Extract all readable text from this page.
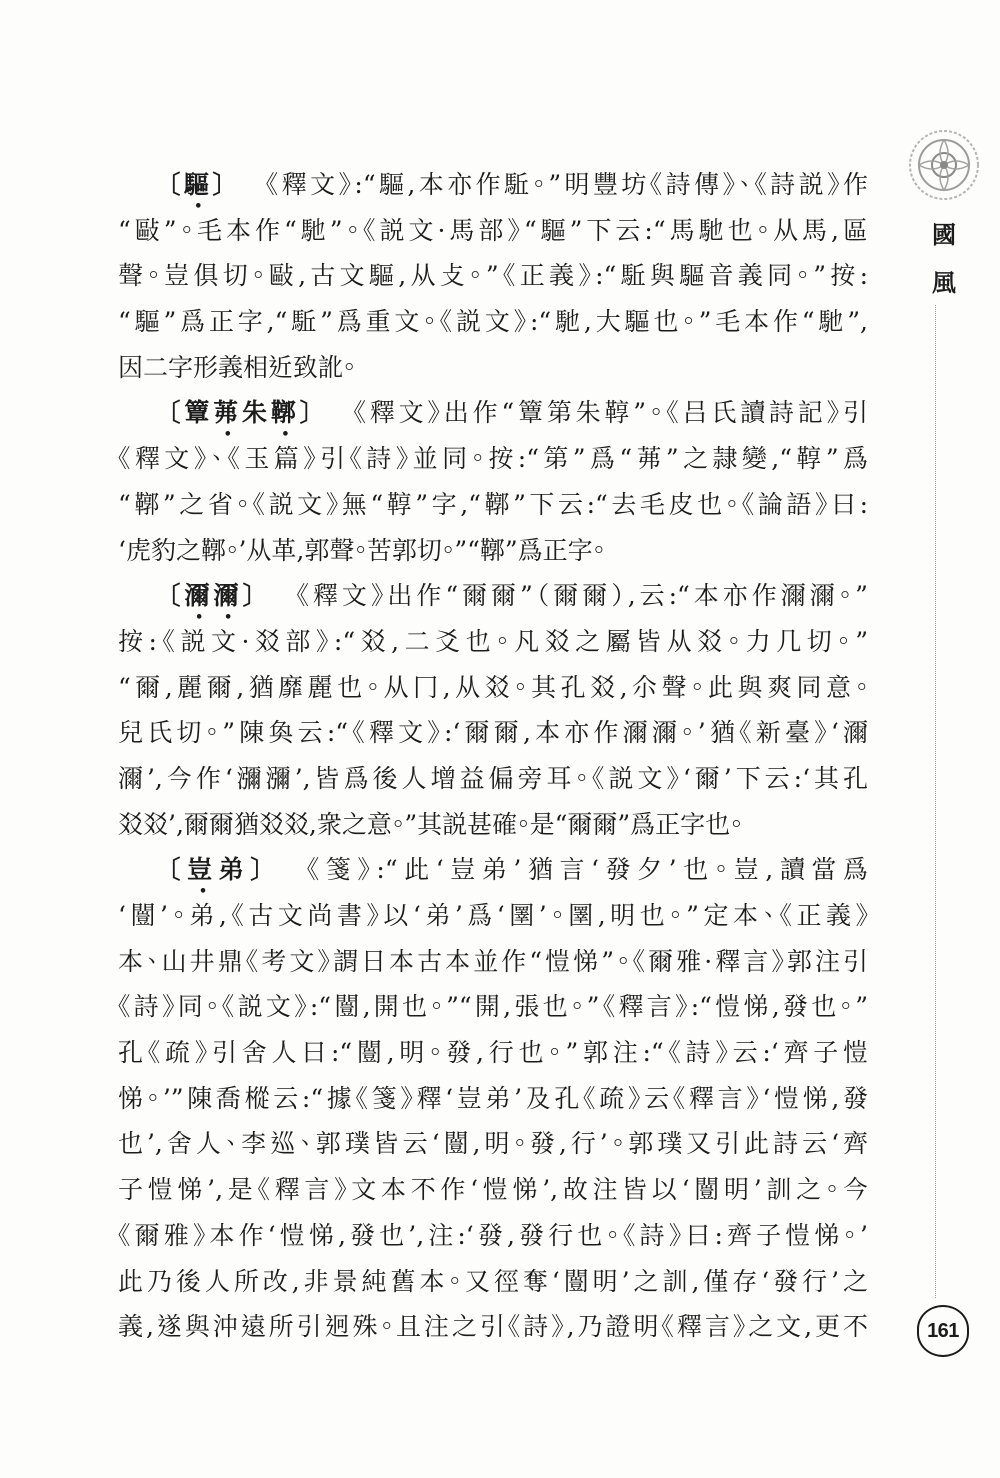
國
風
161
〔驅〕 《釋文》:“驅,本亦作駈。”明豐坊《詩傳》、《詩説》作
“敺”。毛本作“馳”。《説文·馬部》“驅”下云:“馬馳也。从馬,區
聲。豈俱切。敺,古文驅,从攴。”《正義》:“駈與驅音義同。”按:
“驅”爲正字,“駈”爲重文。《説文》:“馳,大驅也。”毛本作“馳”,
因二字形義相近致訛。
〔簟茀朱鞹〕 《釋文》出作“簟第朱鞟”。《吕氏讀詩記》引
《釋文》、《玉篇》引《詩》並同。按:“第”爲“茀”之隷變,“鞟”爲
“鞹”之省。《説文》無“鞟”字,“鞹”下云:“去毛皮也。《論語》曰:
‘虎豹之鞹。’从革,郭聲。苦郭切。”“鞹”爲正字。
〔濔濔〕 《釋文》出作“爾爾”（爾爾）,云:“本亦作濔濔。”
按:《説文·㸚部》:“㸚,二爻也。凡㸚之屬皆从㸚。力几切。”
“爾,麗爾,猶靡麗也。从冂,从㸚。其孔㸚,尒聲。此與爽同意。
兒氏切。”陳奐云:“《釋文》:‘爾爾,本亦作濔濔。’猶《新臺》‘濔
濔’,今作‘瀰瀰’,皆爲後人增益偏旁耳。《説文》‘爾’下云:‘其孔
㸚㸚’,爾爾猶㸚㸚,衆之意。”其説甚確。是“爾爾”爲正字也。
〔豈弟〕 《箋》:“此‘豈弟’猶言‘發夕’也。豈,讀當爲
‘闓’。弟,《古文尚書》以‘弟’爲‘圛’。圛,明也。”定本、《正義》
本、山井鼎《考文》謂日本古本並作“愷悌”。《爾雅·釋言》郭注引
《詩》同。《説文》:“闓,開也。”“開,張也。”《釋言》:“愷悌,發也。”
孔《疏》引舍人曰:“闓,明。發,行也。”郭注:“《詩》云:‘齊子愷
悌。’”陳喬樅云:“據《箋》釋‘豈弟’及孔《疏》云《釋言》‘愷悌,發
也’,舍人、李巡、郭璞皆云‘闓,明。發,行’。郭璞又引此詩云‘齊
子愷悌’,是《釋言》文本不作‘愷悌’,故注皆以‘闓明’訓之。今
《爾雅》本作‘愷悌,發也’,注:‘發,發行也。《詩》曰:齊子愷悌。’
此乃後人所改,非景純舊本。又徑奪‘闓明’之訓,僅存‘發行’之
義,遂與沖遠所引迥殊。且注之引《詩》,乃證明《釋言》之文,更不
